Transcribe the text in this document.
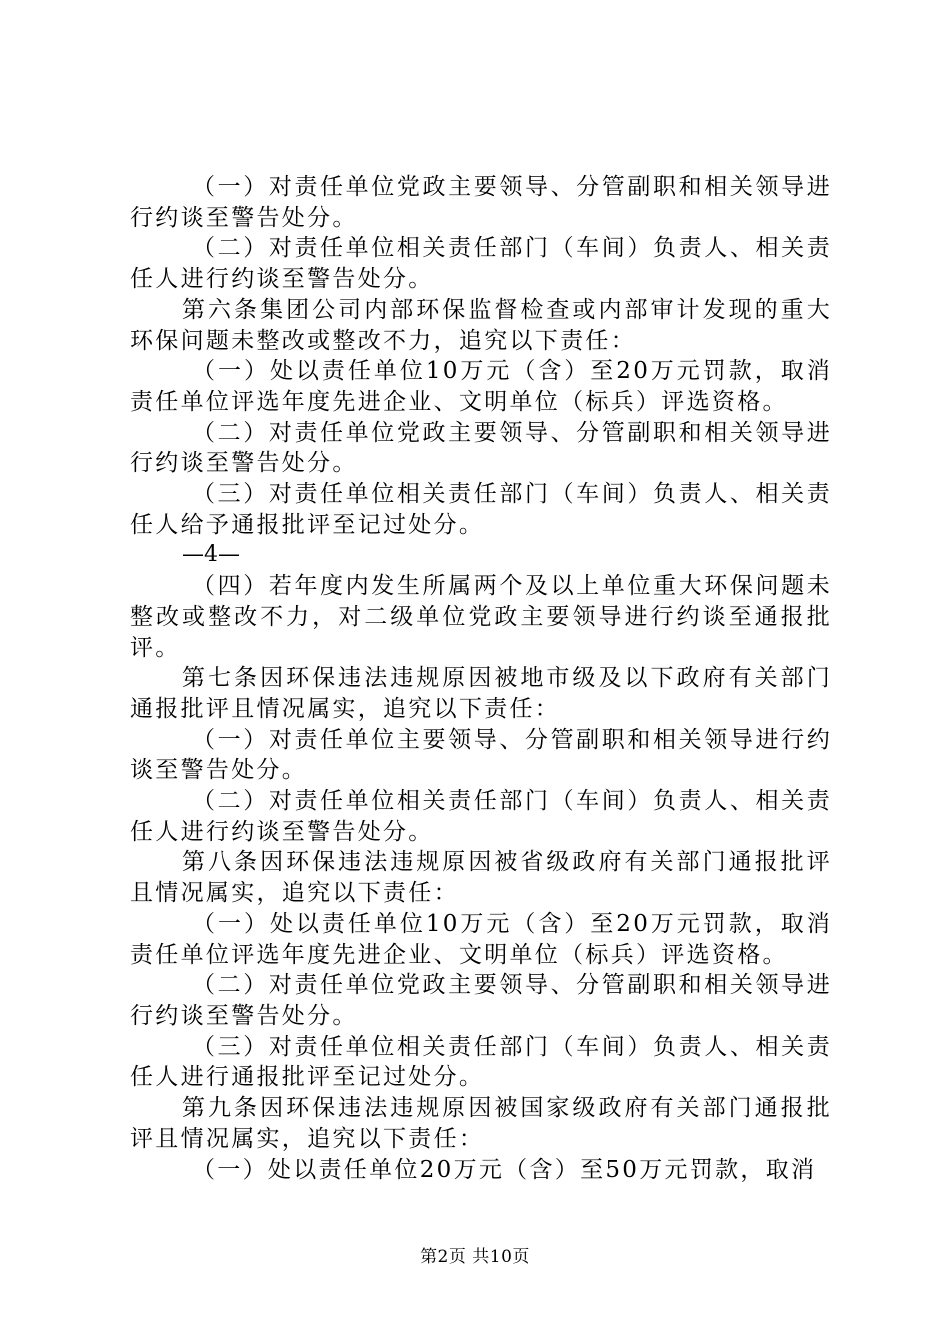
（一）对责任单位党政主要领导、分管副职和相关领导进行约谈至警告处分。

（二）对责任单位相关责任部门（车间）负责人、相关责任人进行约谈至警告处分。

第六条集团公司内部环保监督检查或内部审计发现的重大环保问题未整改或整改不力，追究以下责任：

（一）处以责任单位10万元（含）至20万元罚款，取消责任单位评选年度先进企业、文明单位（标兵）评选资格。

（二）对责任单位党政主要领导、分管副职和相关领导进行约谈至警告处分。

（三）对责任单位相关责任部门（车间）负责人、相关责任人给予通报批评至记过处分。

—4—

（四）若年度内发生所属两个及以上单位重大环保问题未整改或整改不力，对二级单位党政主要领导进行约谈至通报批评。

第七条因环保违法违规原因被地市级及以下政府有关部门通报批评且情况属实，追究以下责任：

（一）对责任单位主要领导、分管副职和相关领导进行约谈至警告处分。

（二）对责任单位相关责任部门（车间）负责人、相关责任人进行约谈至警告处分。

第八条因环保违法违规原因被省级政府有关部门通报批评且情况属实，追究以下责任：

（一）处以责任单位10万元（含）至20万元罚款，取消责任单位评选年度先进企业、文明单位（标兵）评选资格。

（二）对责任单位党政主要领导、分管副职和相关领导进行约谈至警告处分。

（三）对责任单位相关责任部门（车间）负责人、相关责任人进行通报批评至记过处分。

第九条因环保违法违规原因被国家级政府有关部门通报批评且情况属实，追究以下责任：

（一）处以责任单位20万元（含）至50万元罚款，取消

第2页 共10页
